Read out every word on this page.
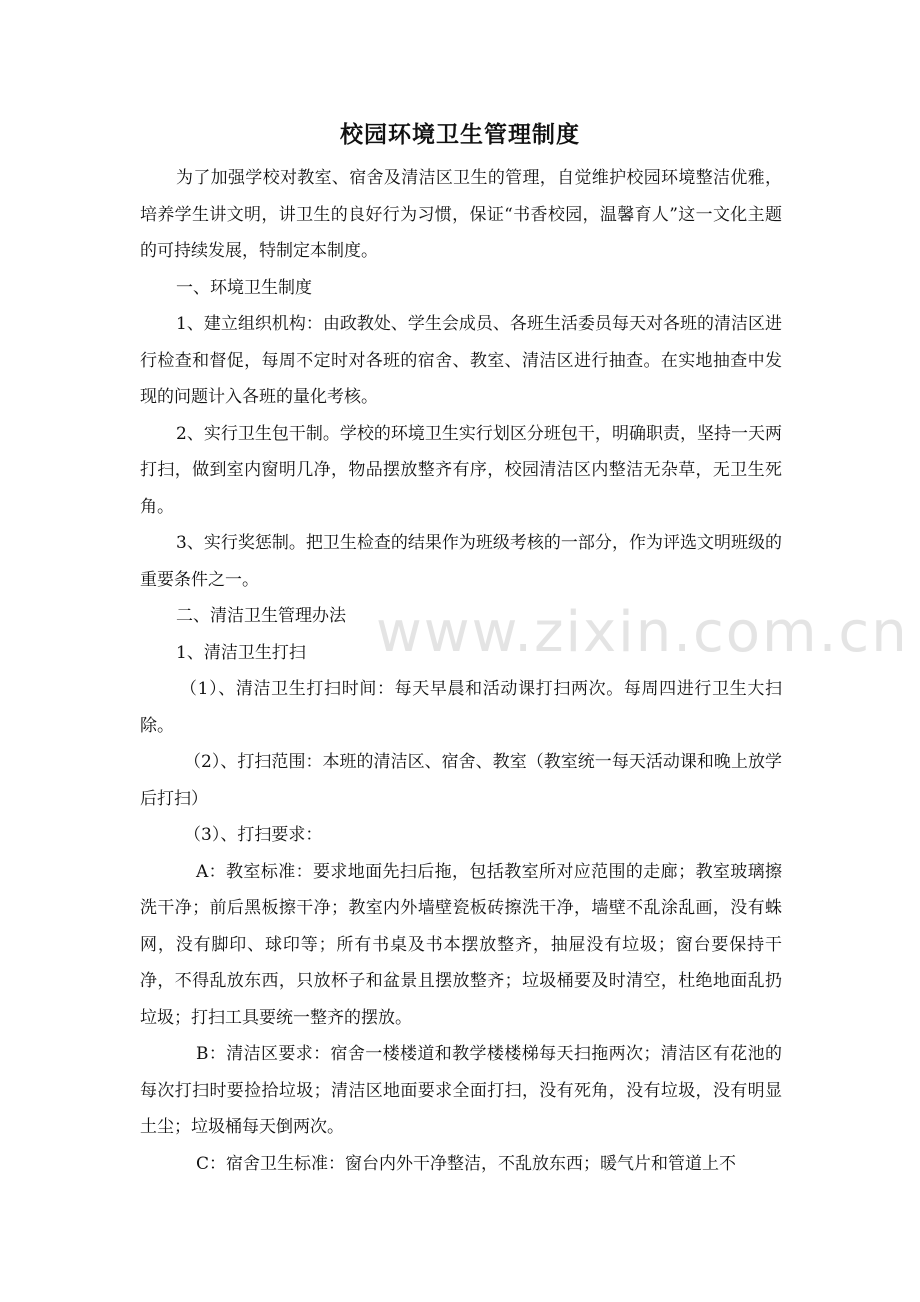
校园环境卫生管理制度

为了加强学校对教室、宿舍及清洁区卫生的管理，自觉维护校园环境整洁优雅，培养学生讲文明，讲卫生的良好行为习惯，保证“书香校园，温馨育人”这一文化主题的可持续发展，特制定本制度。

一、环境卫生制度

1、建立组织机构：由政教处、学生会成员、各班生活委员每天对各班的清洁区进行检查和督促，每周不定时对各班的宿舍、教室、清洁区进行抽查。在实地抽查中发现的问题计入各班的量化考核。

2、实行卫生包干制。学校的环境卫生实行划区分班包干，明确职责，坚持一天两打扫，做到室内窗明几净，物品摆放整齐有序，校园清洁区内整洁无杂草，无卫生死角。

3、实行奖惩制。把卫生检查的结果作为班级考核的一部分，作为评选文明班级的重要条件之一。

二、清洁卫生管理办法

1、清洁卫生打扫

（1）、清洁卫生打扫时间：每天早晨和活动课打扫两次。每周四进行卫生大扫除。

（2）、打扫范围：本班的清洁区、宿舍、教室（教室统一每天活动课和晚上放学后打扫）

（3）、打扫要求：

A：教室标准：要求地面先扫后拖，包括教室所对应范围的走廊；教室玻璃擦洗干净；前后黑板擦干净；教室内外墙壁瓷板砖擦洗干净，墙壁不乱涂乱画，没有蛛网，没有脚印、球印等；所有书桌及书本摆放整齐，抽屉没有垃圾；窗台要保持干净，不得乱放东西，只放杯子和盆景且摆放整齐；垃圾桶要及时清空，杜绝地面乱扔垃圾；打扫工具要统一整齐的摆放。

B：清洁区要求：宿舍一楼楼道和教学楼楼梯每天扫拖两次；清洁区有花池的每次打扫时要捡拾垃圾；清洁区地面要求全面打扫，没有死角，没有垃圾，没有明显土尘；垃圾桶每天倒两次。

C：宿舍卫生标准：窗台内外干净整洁，不乱放东西；暖气片和管道上不

www.zixin.com.cn
